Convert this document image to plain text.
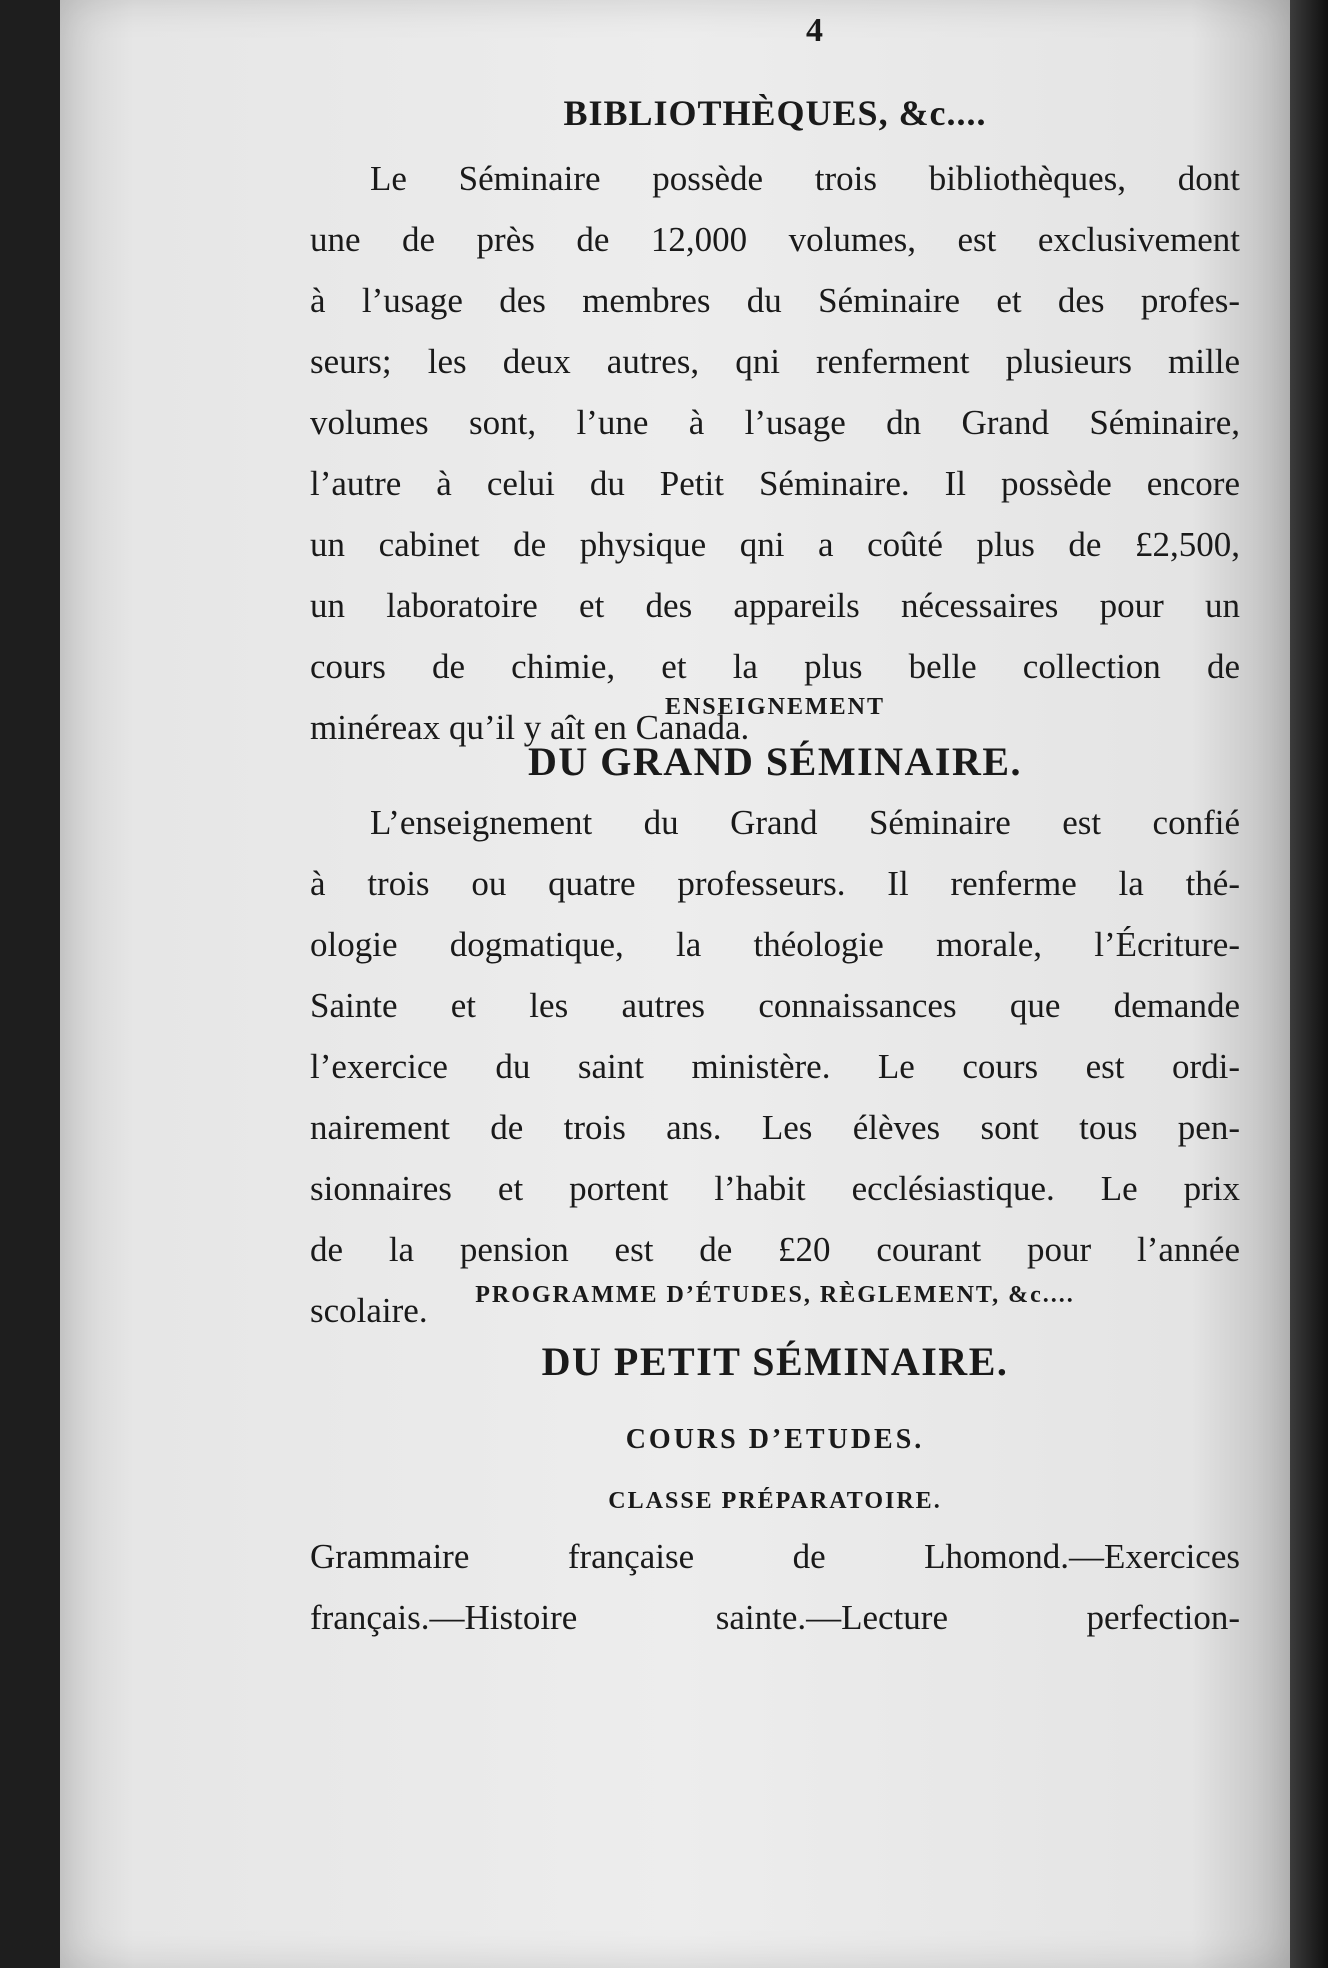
4
BIBLIOTHÈQUES, &c....
Le Séminaire possède trois bibliothèques, dont
une de près de 12,000 volumes, est exclusivement
à l’usage des membres du Séminaire et des profes-
seurs; les deux autres, qni renferment plusieurs mille
volumes sont, l’une à l’usage dn Grand Séminaire,
l’autre à celui du Petit Séminaire. Il possède encore
un cabinet de physique qni a coûté plus de £2,500,
un laboratoire et des appareils nécessaires pour un
cours de chimie, et la plus belle collection de
minéreax qu’il y aît en Canada.
ENSEIGNEMENT
DU GRAND SÉMINAIRE.
L’enseignement du Grand Séminaire est confié
à trois ou quatre professeurs. Il renferme la thé-
ologie dogmatique, la théologie morale, l’Écriture-
Sainte et les autres connaissances que demande
l’exercice du saint ministère. Le cours est ordi-
nairement de trois ans. Les élèves sont tous pen-
sionnaires et portent l’habit ecclésiastique. Le prix
de la pension est de £20 courant pour l’année
scolaire.	PROGRAMME D’ÉTUDES, RÈGLEMENT, &c....
DU PETIT SÉMINAIRE.
COURS D’ETUDES.
CLASSE PRÉPARATOIRE.
Grammaire française de Lhomond.—Exercices
français.—Histoire sainte.—Lecture perfection-
